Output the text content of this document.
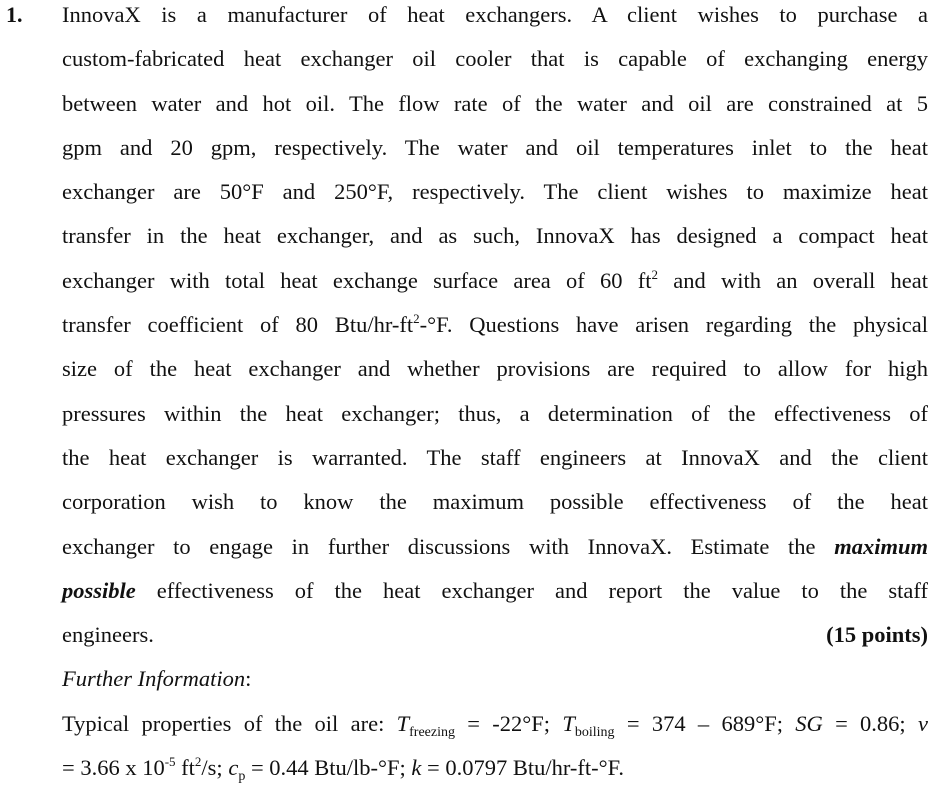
1. InnovaX is a manufacturer of heat exchangers. A client wishes to purchase a
custom-fabricated heat exchanger oil cooler that is capable of exchanging energy
between water and hot oil. The flow rate of the water and oil are constrained at 5
gpm and 20 gpm, respectively. The water and oil temperatures inlet to the heat
exchanger are 50°F and 250°F, respectively. The client wishes to maximize heat
transfer in the heat exchanger, and as such, InnovaX has designed a compact heat
exchanger with total heat exchange surface area of 60 $ft^2$ and with an overall heat
transfer coefficient of 80 Btu/$hr-ft^2-^\circ F$. Questions have arisen regarding the physical
size of the heat exchanger and whether provisions are required to allow for high
pressures within the heat exchanger; thus, a determination of the effectiveness of
the heat exchanger is warranted. The staff engineers at InnovaX and the client
corporation wish to know the maximum possible effectiveness of the heat
exchanger to engage in further discussions with InnovaX. Estimate the maximum
possible effectiveness of the heat exchanger and report the value to the staff
engineers.	(15 points)
Further Information:
Typical properties of the oil are: $T_{freezing} = -22^\circ F$; $T_{boiling} = 374 - 689^\circ F$; SG = 0.86; ν
= 3.66 x $10^{-5}$ $ft^2/s$; $c_p = 0.44$ Btu/lb-°F; k = 0.0797 Btu/hr-ft-°F.
